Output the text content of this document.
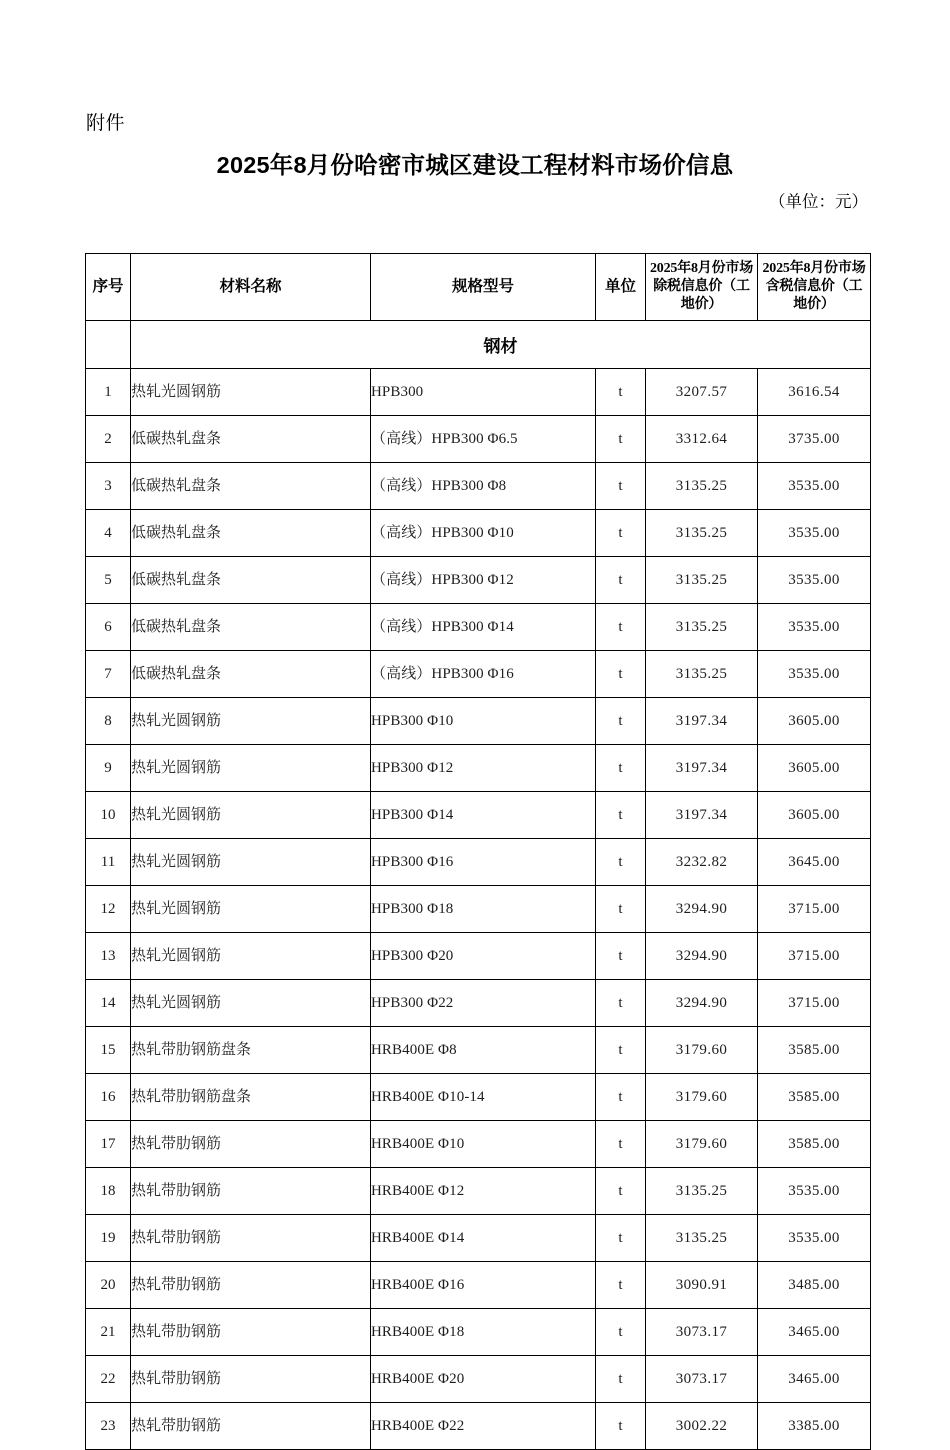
附件
2025年8月份哈密市城区建设工程材料市场价信息
（单位：元）
序号	材料名称	规格型号	单位	2025年8月份市场除税信息价（工地价）	2025年8月份市场含税信息价（工地价）
	钢材				
1	热轧光圆钢筋	HPB300	t	3207.57	3616.54
2	低碳热轧盘条	（高线）HPB300 Φ6.5	t	3312.64	3735.00
3	低碳热轧盘条	（高线）HPB300 Φ8	t	3135.25	3535.00
4	低碳热轧盘条	（高线）HPB300 Φ10	t	3135.25	3535.00
5	低碳热轧盘条	（高线）HPB300 Φ12	t	3135.25	3535.00
6	低碳热轧盘条	（高线）HPB300 Φ14	t	3135.25	3535.00
7	低碳热轧盘条	（高线）HPB300 Φ16	t	3135.25	3535.00
8	热轧光圆钢筋	HPB300 Φ10	t	3197.34	3605.00
9	热轧光圆钢筋	HPB300 Φ12	t	3197.34	3605.00
10	热轧光圆钢筋	HPB300 Φ14	t	3197.34	3605.00
11	热轧光圆钢筋	HPB300 Φ16	t	3232.82	3645.00
12	热轧光圆钢筋	HPB300 Φ18	t	3294.90	3715.00
13	热轧光圆钢筋	HPB300 Φ20	t	3294.90	3715.00
14	热轧光圆钢筋	HPB300 Φ22	t	3294.90	3715.00
15	热轧带肋钢筋盘条	HRB400E Φ8	t	3179.60	3585.00
16	热轧带肋钢筋盘条	HRB400E Φ10-14	t	3179.60	3585.00
17	热轧带肋钢筋	HRB400E Φ10	t	3179.60	3585.00
18	热轧带肋钢筋	HRB400E Φ12	t	3135.25	3535.00
19	热轧带肋钢筋	HRB400E Φ14	t	3135.25	3535.00
20	热轧带肋钢筋	HRB400E Φ16	t	3090.91	3485.00
21	热轧带肋钢筋	HRB400E Φ18	t	3073.17	3465.00
22	热轧带肋钢筋	HRB400E Φ20	t	3073.17	3465.00
23	热轧带肋钢筋	HRB400E Φ22	t	3002.22	3385.00
